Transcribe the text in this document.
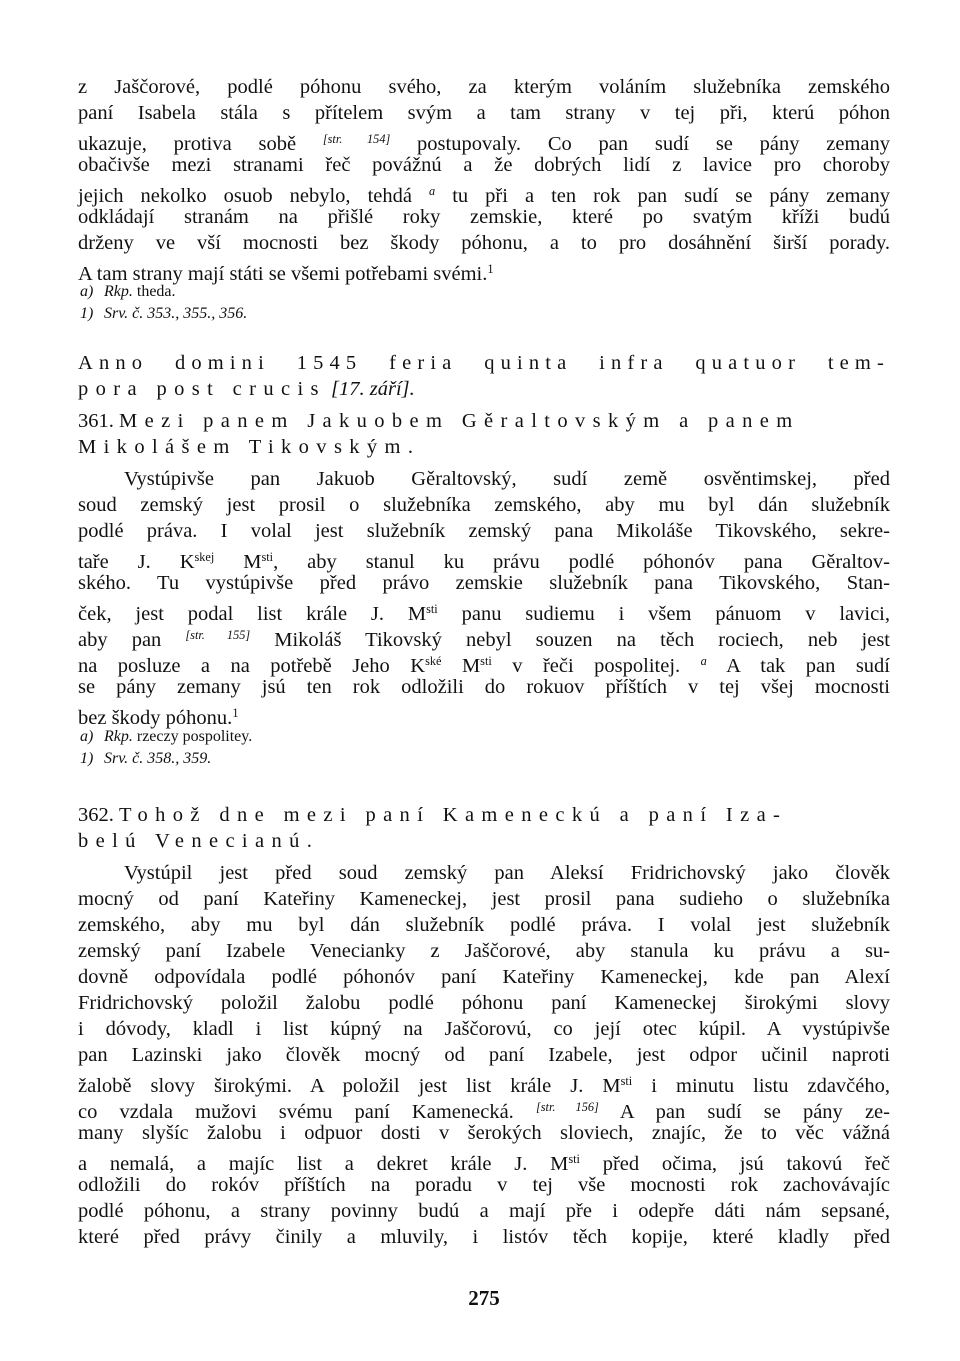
z Jaščorové, podlé póhonu svého, za kterým voláním služebníka zemského
paní Isabela stála s přítelem svým a tam strany v tej při, kterú póhon
ukazuje, protiva sobě [str. 154] postupovaly. Co pan sudí se pány zemany
obačivše mezi stranami řeč povážnú a že dobrých lidí z lavice pro choroby
jejich nekolko osuob nebylo, tehdá $^a$ tu při a ten rok pan sudí se pány zemany
odkládají stranám na přišlé roky zemskie, které po svatým kříži budú
drženy ve vší mocnosti bez škody póhonu, a to pro dosáhnění širší porady.
A tam strany mají státi se všemi potřebami svémi.$^1$
a) Rkp. theda.
1) Srv. č. 353., 355., 356.
Anno domini 1545 feria quinta infra quatuor tem-
pora post crucis [17. září].
361. Mezi panem Jakuobem Gěraltovským a panem
Mikolášem Tikovským.
Vystúpivše pan Jakuob Gěraltovský, sudí země osvěntimskej, před
soud zemský jest prosil o služebníka zemského, aby mu byl dán služebník
podlé práva. I volal jest služebník zemský pana Mikoláše Tikovského, sekre-
taře J. $K^{skej}$ $M^{sti}$, aby stanul ku právu podlé póhonóv pana Gěraltov-
ského. Tu vystúpivše před právo zemskie služebník pana Tikovského, Stan-
ček, jest podal list krále J. $M^{sti}$ panu sudiemu i všem pánuom v lavici,
aby pan [str. 155] Mikoláš Tikovský nebyl souzen na těch rociech, neb jest
na posluze a na potřebě Jeho $K^{ské}$ $M^{sti}$ v řeči pospolitej. $^a$ A tak pan sudí
se pány zemany jsú ten rok odložili do rokuov příštích v tej všej mocnosti
bez škody póhonu.$^1$
a) Rkp. rzeczy pospolitey.
1) Srv. č. 358., 359.
362. Tohož dne mezi paní Kameneckú a paní Iza-
belú Venecianú.
Vystúpil jest před soud zemský pan Aleksí Fridrichovský jako člověk
mocný od paní Kateřiny Kameneckej, jest prosil pana sudieho o služebníka
zemského, aby mu byl dán služebník podlé práva. I volal jest služebník
zemský paní Izabele Venecianky z Jaščorové, aby stanula ku právu a su-
dovně odpovídala podlé póhonóv paní Kateřiny Kameneckej, kde pan Alexí
Fridrichovský položil žalobu podlé póhonu paní Kameneckej širokými slovy
i dóvody, kladl i list kúpný na Jaščorovú, co její otec kúpil. A vystúpivše
pan Lazinski jako člověk mocný od paní Izabele, jest odpor učinil naproti
žalobě slovy širokými. A položil jest list krále J. $M^{sti}$ i minutu listu zdavčého,
co vzdala mužovi svému paní Kamenecká. [str. 156] A pan sudí se pány ze-
many slyšíc žalobu i odpuor dosti v šerokých sloviech, znajíc, že to věc vážná
a nemalá, a majíc list a dekret krále J. $M^{sti}$ před očima, jsú takovú řeč
odložili do rokóv příštích na poradu v tej vše mocnosti rok zachovávajíc
podlé póhonu, a strany povinny budú a mají pře i odepře dáti nám sepsané,
které před právy činily a mluvily, i listóv těch kopije, které kladly před
275
